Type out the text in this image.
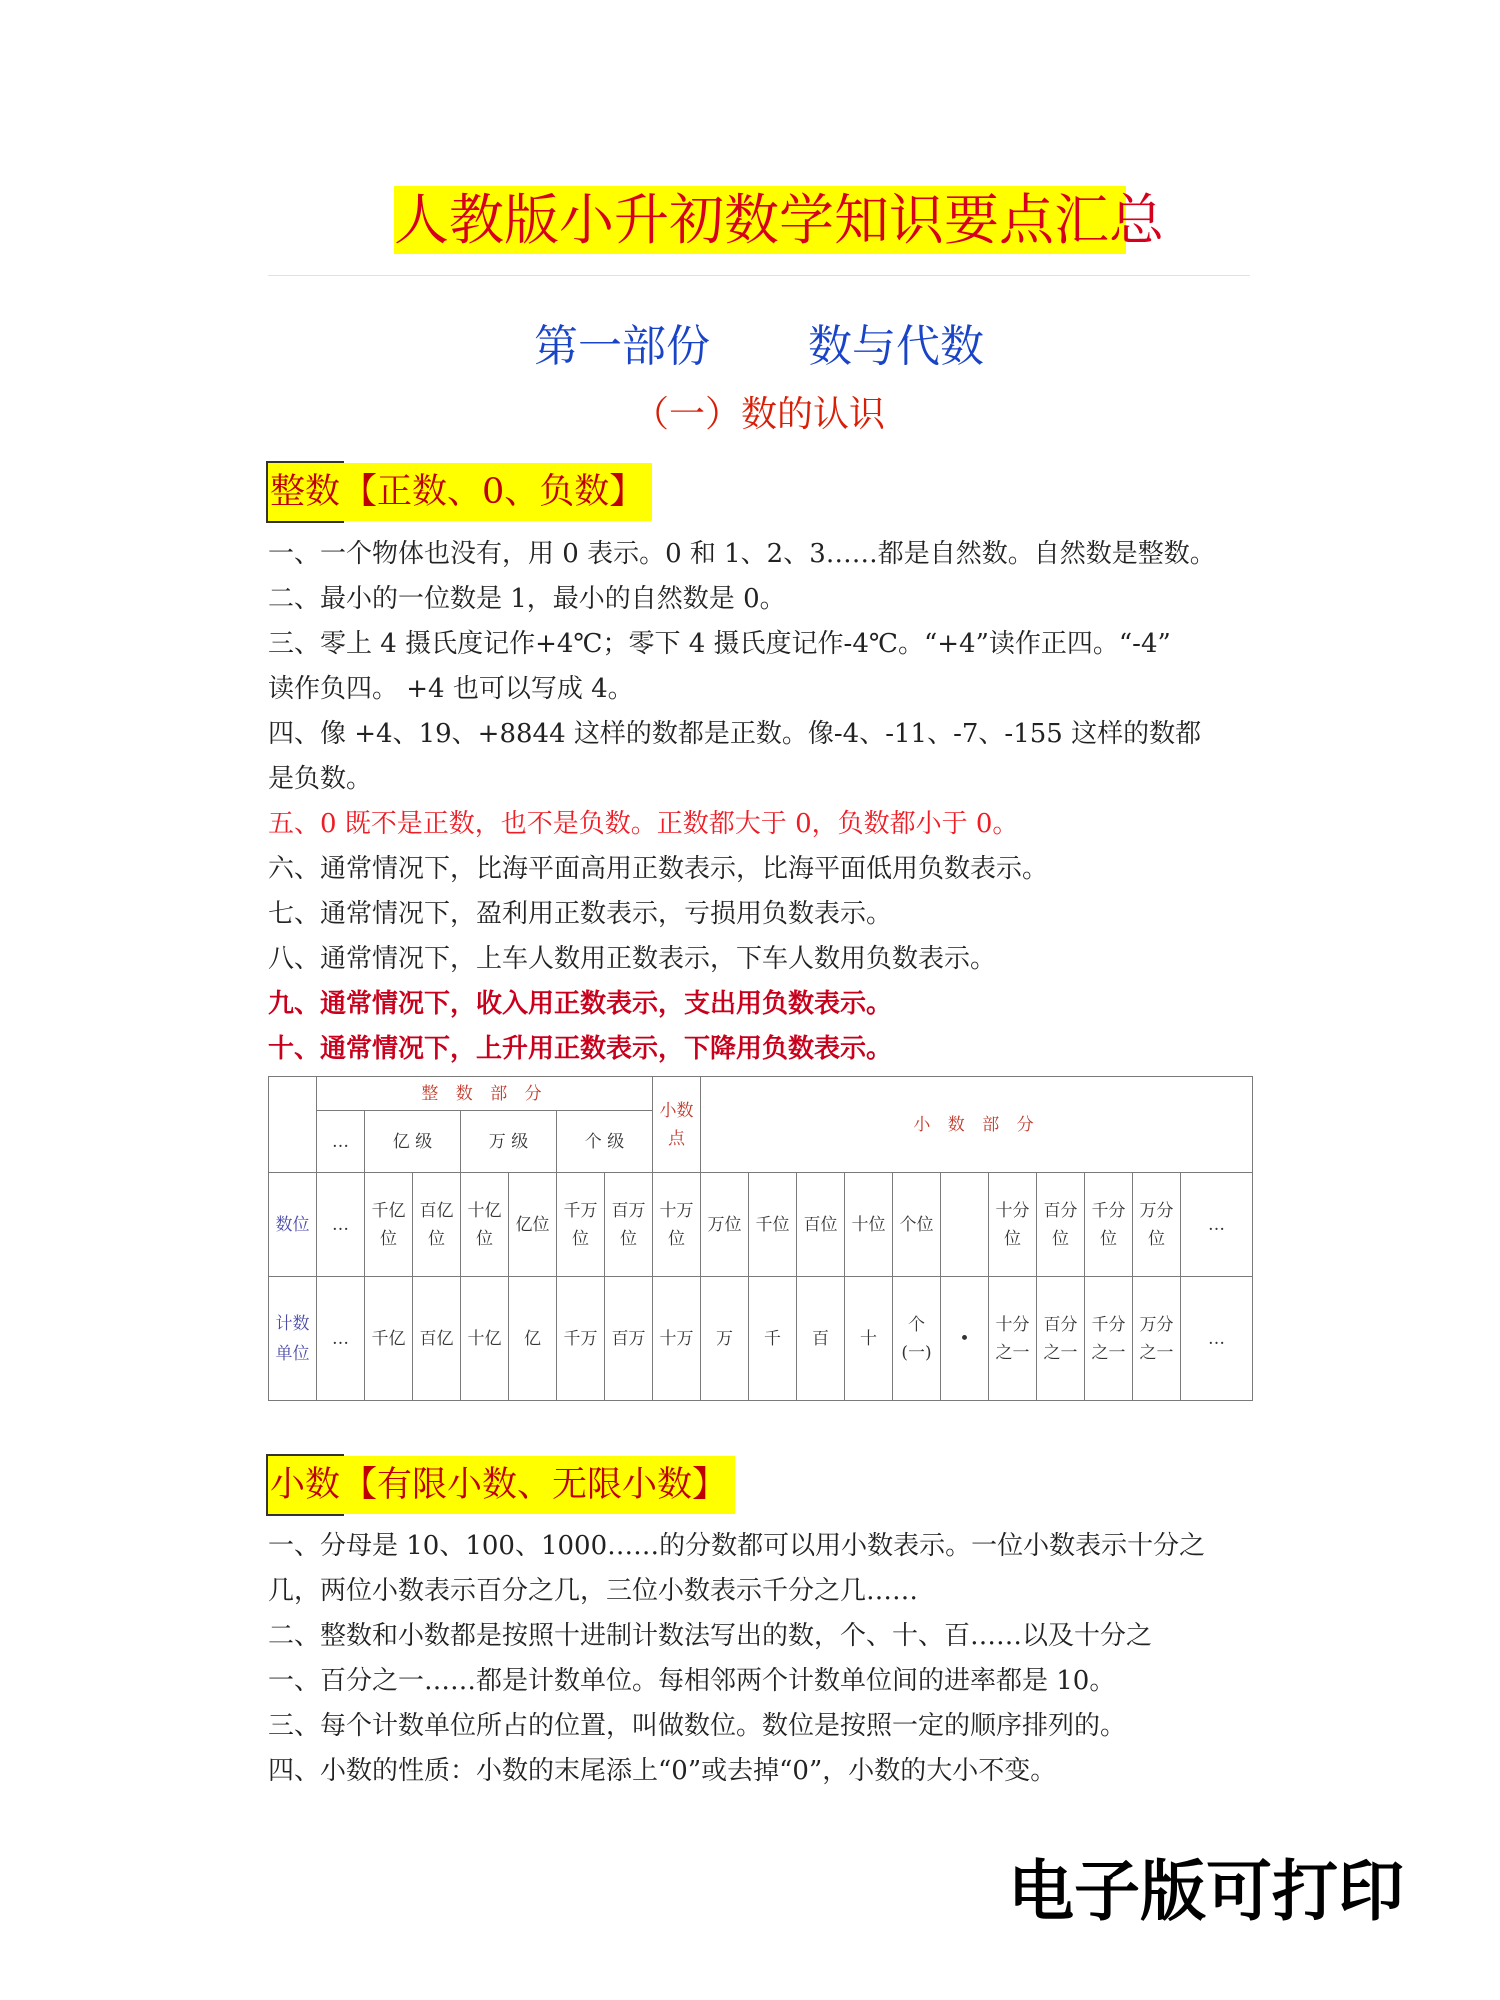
人教版小升初数学知识要点汇总
第一部份       数与代数
（一）数的认识
整数【正数、0、负数】
一、一个物体也没有，用 0 表示。0 和 1、2、3……都是自然数。自然数是整数。
二、最小的一位数是 1，最小的自然数是 0。
三、零上 4 摄氏度记作+4℃；零下 4 摄氏度记作-4℃。“+4”读作正四。“-4”
读作负四。 +4 也可以写成 4。
四、像 +4、19、+8844 这样的数都是正数。像-4、-11、-7、-155 这样的数都
是负数。
五、0 既不是正数，也不是负数。正数都大于 0，负数都小于 0。
六、通常情况下，比海平面高用正数表示，比海平面低用负数表示。
七、通常情况下，盈利用正数表示，亏损用负数表示。
八、通常情况下，上车人数用正数表示，下车人数用负数表示。
九、通常情况下，收入用正数表示，支出用负数表示。
十、通常情况下，上升用正数表示，下降用负数表示。
	整 数 部 分							小数点	小 数 部 分										
	…	亿 级		万 级		个 级													
数位	…	千亿位	百亿位	十亿位	亿位	千万位	百万位	十万位	万位	千位	百位	十位	个位		十分位	百分位	千分位	万分位	…
计数单位	…	千亿	百亿	十亿	亿	千万	百万	十万	万	千	百	十	个(一)	•	十分之一	百分之一	千分之一	万分之一	…
小数【有限小数、无限小数】
一、分母是 10、100、1000……的分数都可以用小数表示。一位小数表示十分之
几，两位小数表示百分之几，三位小数表示千分之几……
二、整数和小数都是按照十进制计数法写出的数，个、十、百……以及十分之
一、百分之一……都是计数单位。每相邻两个计数单位间的进率都是 10。
三、每个计数单位所占的位置，叫做数位。数位是按照一定的顺序排列的。
四、小数的性质：小数的末尾添上“0”或去掉“0”，小数的大小不变。
电子版可打印
